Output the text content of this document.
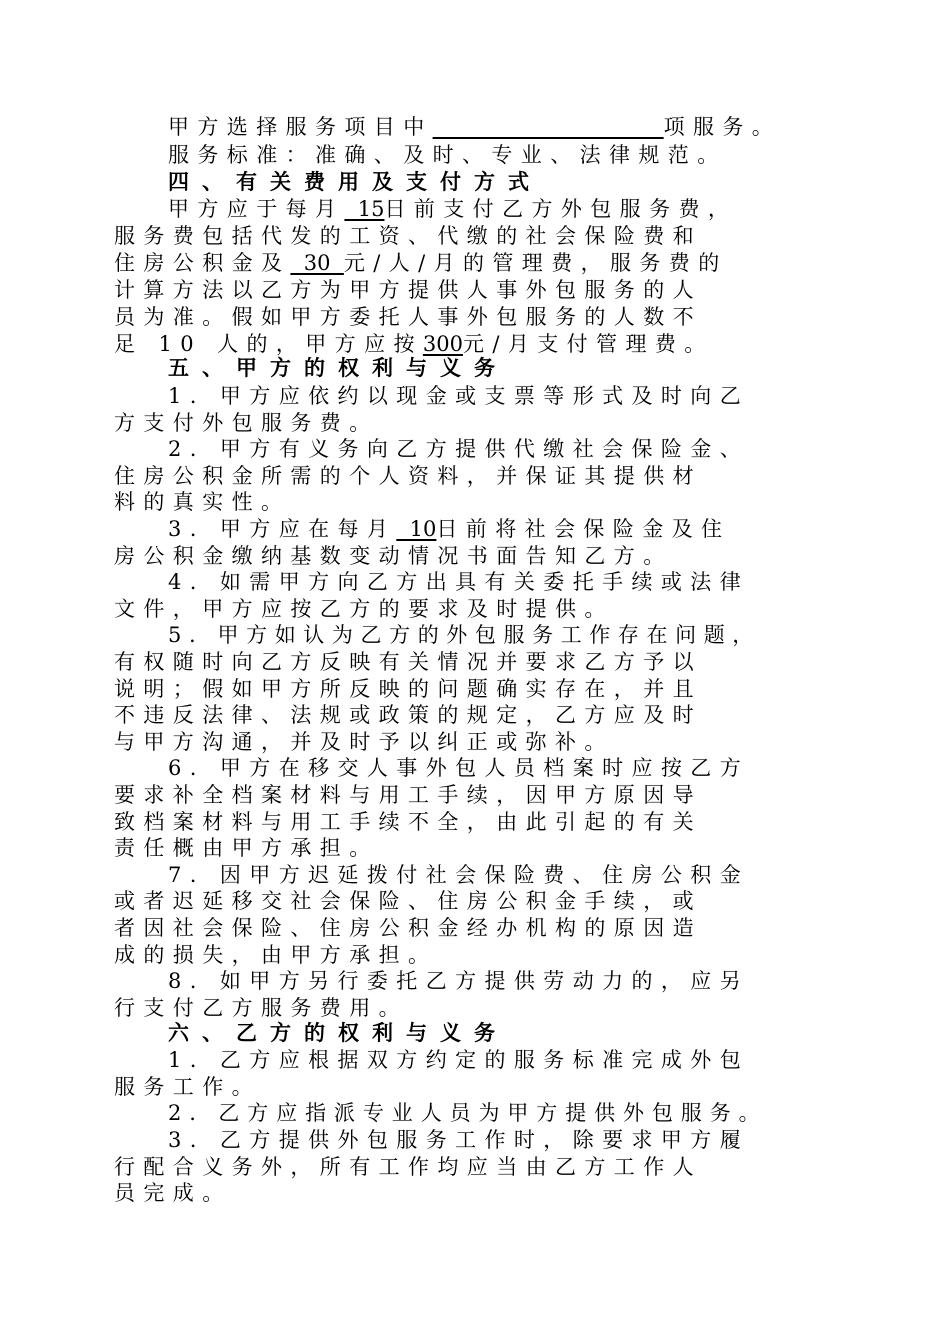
甲方选择服务项目中______________________项服务。
服务标准：准确、及时、专业、法律规范。
四、有关费用及支付方式
甲方应于每月  15日前支付乙方外包服务费，
服务费包括代发的工资、代缴的社会保险费和
住房公积金及  30  元/人/月的管理费，服务费的
计算方法以乙方为甲方提供人事外包服务的人
员为准。假如甲方委托人事外包服务的人数不
足 10 人的，甲方应按300元/月支付管理费。
五、甲方的权利与义务
1. 甲方应依约以现金或支票等形式及时向乙
方支付外包服务费。
2. 甲方有义务向乙方提供代缴社会保险金、
住房公积金所需的个人资料，并保证其提供材
料的真实性。
3. 甲方应在每月  10日前将社会保险金及住
房公积金缴纳基数变动情况书面告知乙方。
4. 如需甲方向乙方出具有关委托手续或法律
文件，甲方应按乙方的要求及时提供。
5. 甲方如认为乙方的外包服务工作存在问题，
有权随时向乙方反映有关情况并要求乙方予以
说明；假如甲方所反映的问题确实存在，并且
不违反法律、法规或政策的规定，乙方应及时
与甲方沟通，并及时予以纠正或弥补。
6. 甲方在移交人事外包人员档案时应按乙方
要求补全档案材料与用工手续，因甲方原因导
致档案材料与用工手续不全，由此引起的有关
责任概由甲方承担。
7. 因甲方迟延拨付社会保险费、住房公积金
或者迟延移交社会保险、住房公积金手续，或
者因社会保险、住房公积金经办机构的原因造
成的损失，由甲方承担。
8. 如甲方另行委托乙方提供劳动力的，应另
行支付乙方服务费用。
六、乙方的权利与义务
1. 乙方应根据双方约定的服务标准完成外包
服务工作。
2. 乙方应指派专业人员为甲方提供外包服务。
3. 乙方提供外包服务工作时，除要求甲方履
行配合义务外，所有工作均应当由乙方工作人
员完成。
